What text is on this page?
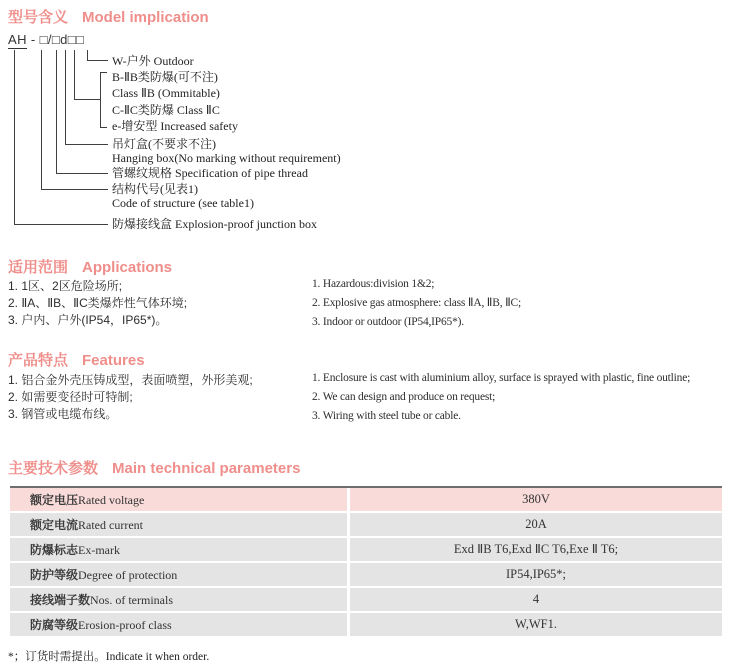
型号含义 Model implication
AH - □/□d□□
W-户外 Outdoor
B-ⅡB类防爆(可不注)
Class ⅡB (Ommitable)
C-ⅡC类防爆 Class ⅡC
e-增安型 Increased safety
吊灯盒(不要求不注)
Hanging box(No marking without requirement)
管螺纹规格 Specification of pipe thread
结构代号(见表1)
Code of structure (see table1)
防爆接线盒 Explosion-proof junction box
适用范围 Applications
1. 1区、2区危险场所;
2. ⅡA、ⅡB、ⅡC类爆炸性气体环境;
3. 户内、户外(IP54，IP65*)。
1. Hazardous:division 1&2;
2. Explosive gas atmosphere: class ⅡA, ⅡB, ⅡC;
3. Indoor or outdoor (IP54,IP65*).
产品特点 Features
1. 铝合金外壳压铸成型，表面喷塑，外形美观;
2. 如需要变径时可特制;
3. 钢管或电缆布线。
1. Enclosure is cast with aluminium alloy, surface is sprayed with plastic, fine outline;
2. We can design and produce on request;
3. Wiring with steel tube or cable.
主要技术参数 Main technical parameters
额定电压Rated voltage	380V
额定电流Rated current	20A
防爆标志Ex-mark	Exd ⅡB T6,Exd ⅡC T6,Exe Ⅱ T6;
防护等级Degree of protection	IP54,IP65*;
接线端子数Nos. of terminals	4
防腐等级Erosion-proof class	W,WF1.
*；订货时需提出。Indicate it when order.
